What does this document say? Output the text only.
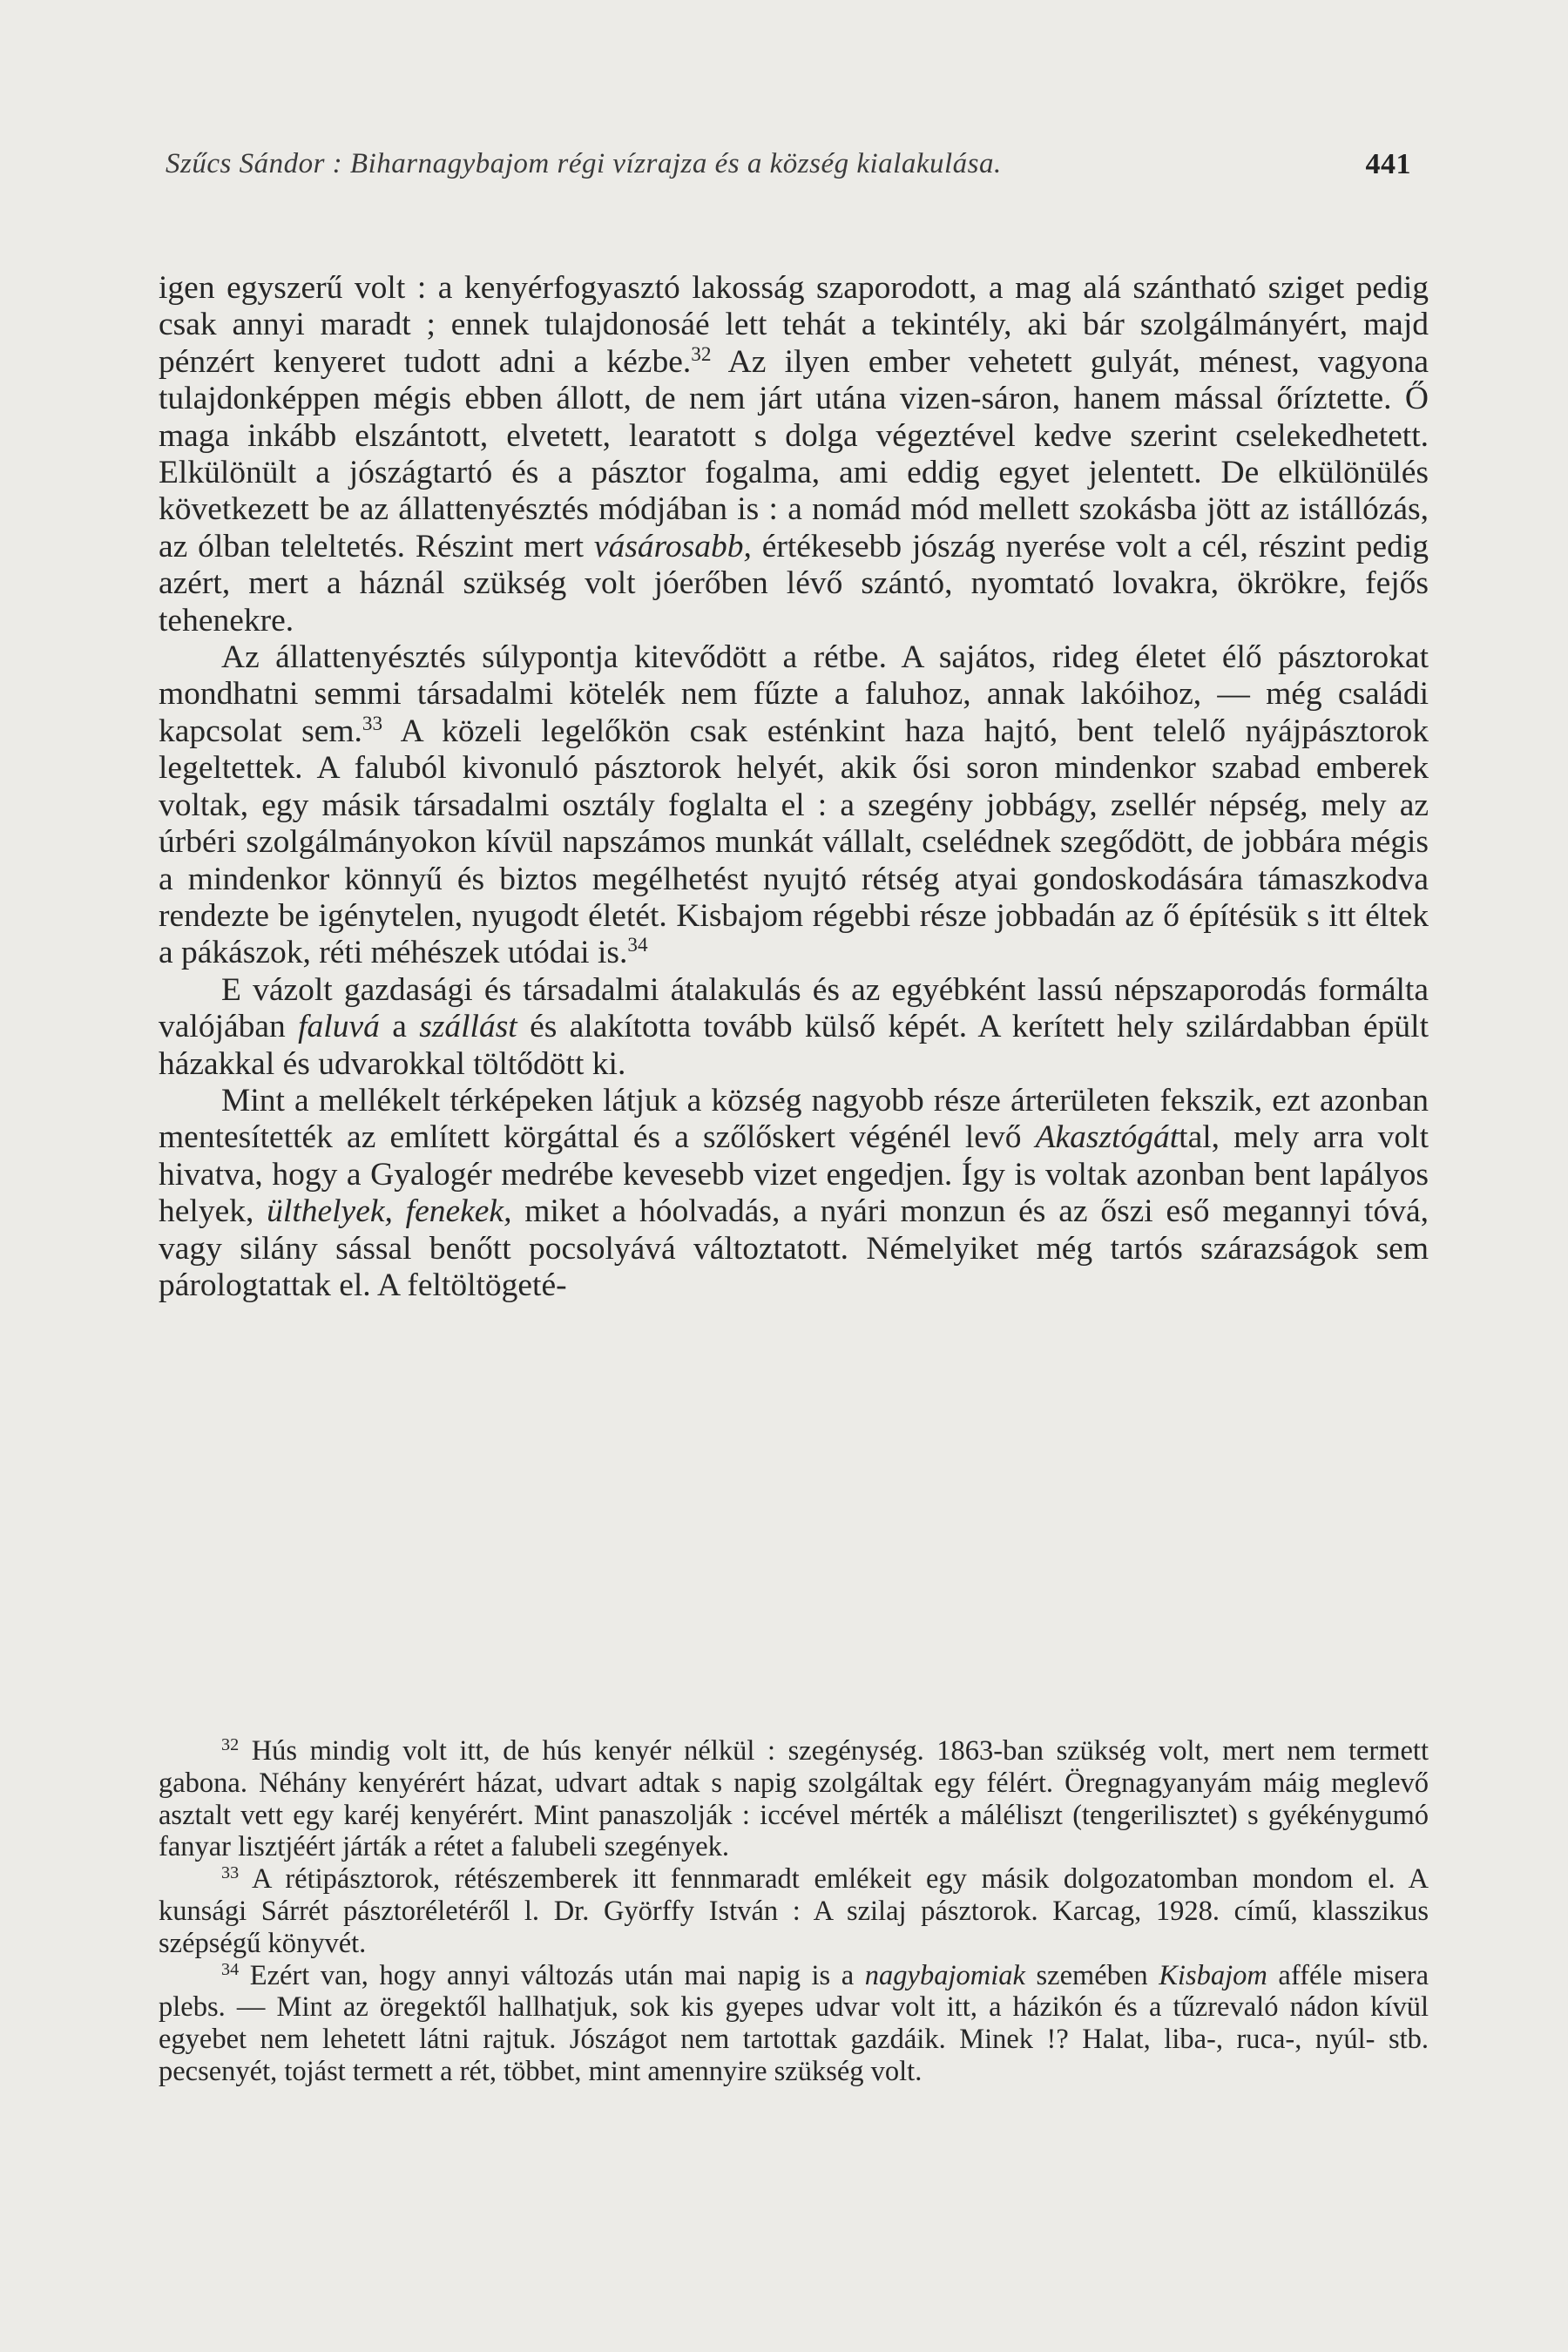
Szűcs Sándor : Biharnagybajom régi vízrajza és a község kialakulása.	441

igen egyszerű volt : a kenyérfogyasztó lakosság szaporodott, a mag alá szántható sziget pedig csak annyi maradt ; ennek tulajdonosáé lett tehát a tekintély, aki bár szolgálmányért, majd pénzért kenyeret tudott adni a kézbe.$^{32}$ Az ilyen ember vehetett gulyát, ménest, vagyona tulajdonképpen mégis ebben állott, de nem járt utána vizen-sáron, hanem mással őríztette. Ő maga inkább elszántott, elvetett, learatott s dolga végeztével kedve szerint cselekedhetett. Elkülönült a jószágtartó és a pásztor fogalma, ami eddig egyet jelentett. De elkülönülés következett be az állattenyésztés módjában is : a nomád mód mellett szokásba jött az istállózás, az ólban teleltetés. Részint mert vásárosabb, értékesebb jószág nyerése volt a cél, részint pedig azért, mert a háznál szükség volt jóerőben lévő szántó, nyomtató lovakra, ökrökre, fejős tehenekre.

Az állattenyésztés súlypontja kitevődött a rétbe. A sajátos, rideg életet élő pásztorokat mondhatni semmi társadalmi kötelék nem fűzte a faluhoz, annak lakóihoz, — még családi kapcsolat sem.$^{33}$ A közeli legelőkön csak esténkint haza hajtó, bent telelő nyájpásztorok legeltettek. A faluból kivonuló pásztorok helyét, akik ősi soron mindenkor szabad emberek voltak, egy másik társadalmi osztály foglalta el : a szegény jobbágy, zsellér népség, mely az úrbéri szolgálmányokon kívül napszámos munkát vállalt, cselédnek szegődött, de jobbára mégis a mindenkor könnyű és biztos megélhetést nyujtó rétség atyai gondoskodására támaszkodva rendezte be igénytelen, nyugodt életét. Kisbajom régebbi része jobbadán az ő építésük s itt éltek a pákászok, réti méhészek utódai is.$^{34}$

E vázolt gazdasági és társadalmi átalakulás és az egyébként lassú népszaporodás formálta valójában faluvá a szállást és alakította tovább külső képét. A kerített hely szilárdabban épült házakkal és udvarokkal töltődött ki.

Mint a mellékelt térképeken látjuk a község nagyobb része árterületen fekszik, ezt azonban mentesítették az említett körgáttal és a szőlőskert végénél levő Akasztógáttal, mely arra volt hivatva, hogy a Gyalogér medrébe kevesebb vizet engedjen. Így is voltak azonban bent lapályos helyek, ülthelyek, fenekek, miket a hóolvadás, a nyári monzun és az őszi eső megannyi tóvá, vagy silány sással benőtt pocsolyává változtatott. Némelyiket még tartós szárazságok sem párologtattak el. A feltöltögeté-

$^{32}$ Hús mindig volt itt, de hús kenyér nélkül : szegénység. 1863-ban szükség volt, mert nem termett gabona. Néhány kenyérért házat, udvart adtak s napig szolgáltak egy félért. Öregnagyanyám máig meglevő asztalt vett egy karéj kenyérért. Mint panaszolják : iccével mérték a máléliszt (tengerilisztet) s gyékénygumó fanyar lisztjéért járták a rétet a falubeli szegények.

$^{33}$ A rétipásztorok, rétészemberek itt fennmaradt emlékeit egy másik dolgozatomban mondom el. A kunsági Sárrét pásztoréletéről l. Dr. Györffy István : A szilaj pásztorok. Karcag, 1928. című, klasszikus szépségű könyvét.

$^{34}$ Ezért van, hogy annyi változás után mai napig is a nagybajomiak szemében Kisbajom afféle misera plebs. — Mint az öregektől hallhatjuk, sok kis gyepes udvar volt itt, a házikón és a tűzrevaló nádon kívül egyebet nem lehetett látni rajtuk. Jószágot nem tartottak gazdáik. Minek !? Halat, liba-, ruca-, nyúl- stb. pecsenyét, tojást termett a rét, többet, mint amennyire szükség volt.
